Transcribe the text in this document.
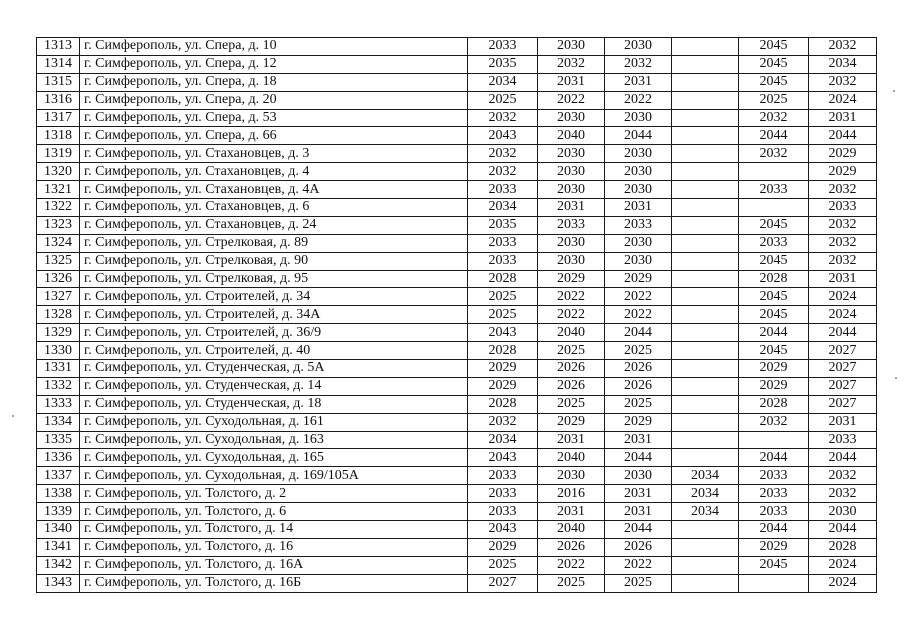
1313	г. Симферополь, ул. Спера, д. 10	2033	2030	2030		2045	2032
1314	г. Симферополь, ул. Спера, д. 12	2035	2032	2032		2045	2034
1315	г. Симферополь, ул. Спера, д. 18	2034	2031	2031		2045	2032
1316	г. Симферополь, ул. Спера, д. 20	2025	2022	2022		2025	2024
1317	г. Симферополь, ул. Спера, д. 53	2032	2030	2030		2032	2031
1318	г. Симферополь, ул. Спера, д. 66	2043	2040	2044		2044	2044
1319	г. Симферополь, ул. Стахановцев, д. 3	2032	2030	2030		2032	2029
1320	г. Симферополь, ул. Стахановцев, д. 4	2032	2030	2030			2029
1321	г. Симферополь, ул. Стахановцев, д. 4А	2033	2030	2030		2033	2032
1322	г. Симферополь, ул. Стахановцев, д. 6	2034	2031	2031			2033
1323	г. Симферополь, ул. Стахановцев, д. 24	2035	2033	2033		2045	2032
1324	г. Симферополь, ул. Стрелковая, д. 89	2033	2030	2030		2033	2032
1325	г. Симферополь, ул. Стрелковая, д. 90	2033	2030	2030		2045	2032
1326	г. Симферополь, ул. Стрелковая, д. 95	2028	2029	2029		2028	2031
1327	г. Симферополь, ул. Строителей, д. 34	2025	2022	2022		2045	2024
1328	г. Симферополь, ул. Строителей, д. 34А	2025	2022	2022		2045	2024
1329	г. Симферополь, ул. Строителей, д. 36/9	2043	2040	2044		2044	2044
1330	г. Симферополь, ул. Строителей, д. 40	2028	2025	2025		2045	2027
1331	г. Симферополь, ул. Студенческая, д. 5А	2029	2026	2026		2029	2027
1332	г. Симферополь, ул. Студенческая, д. 14	2029	2026	2026		2029	2027
1333	г. Симферополь, ул. Студенческая, д. 18	2028	2025	2025		2028	2027
1334	г. Симферополь, ул. Суходольная, д. 161	2032	2029	2029		2032	2031
1335	г. Симферополь, ул. Суходольная, д. 163	2034	2031	2031			2033
1336	г. Симферополь, ул. Суходольная, д. 165	2043	2040	2044		2044	2044
1337	г. Симферополь, ул. Суходольная, д. 169/105А	2033	2030	2030	2034	2033	2032
1338	г. Симферополь, ул. Толстого, д. 2	2033	2016	2031	2034	2033	2032
1339	г. Симферополь, ул. Толстого, д. 6	2033	2031	2031	2034	2033	2030
1340	г. Симферополь, ул. Толстого, д. 14	2043	2040	2044		2044	2044
1341	г. Симферополь, ул. Толстого, д. 16	2029	2026	2026		2029	2028
1342	г. Симферополь, ул. Толстого, д. 16А	2025	2022	2022		2045	2024
1343	г. Симферополь, ул. Толстого, д. 16Б	2027	2025	2025			2024
